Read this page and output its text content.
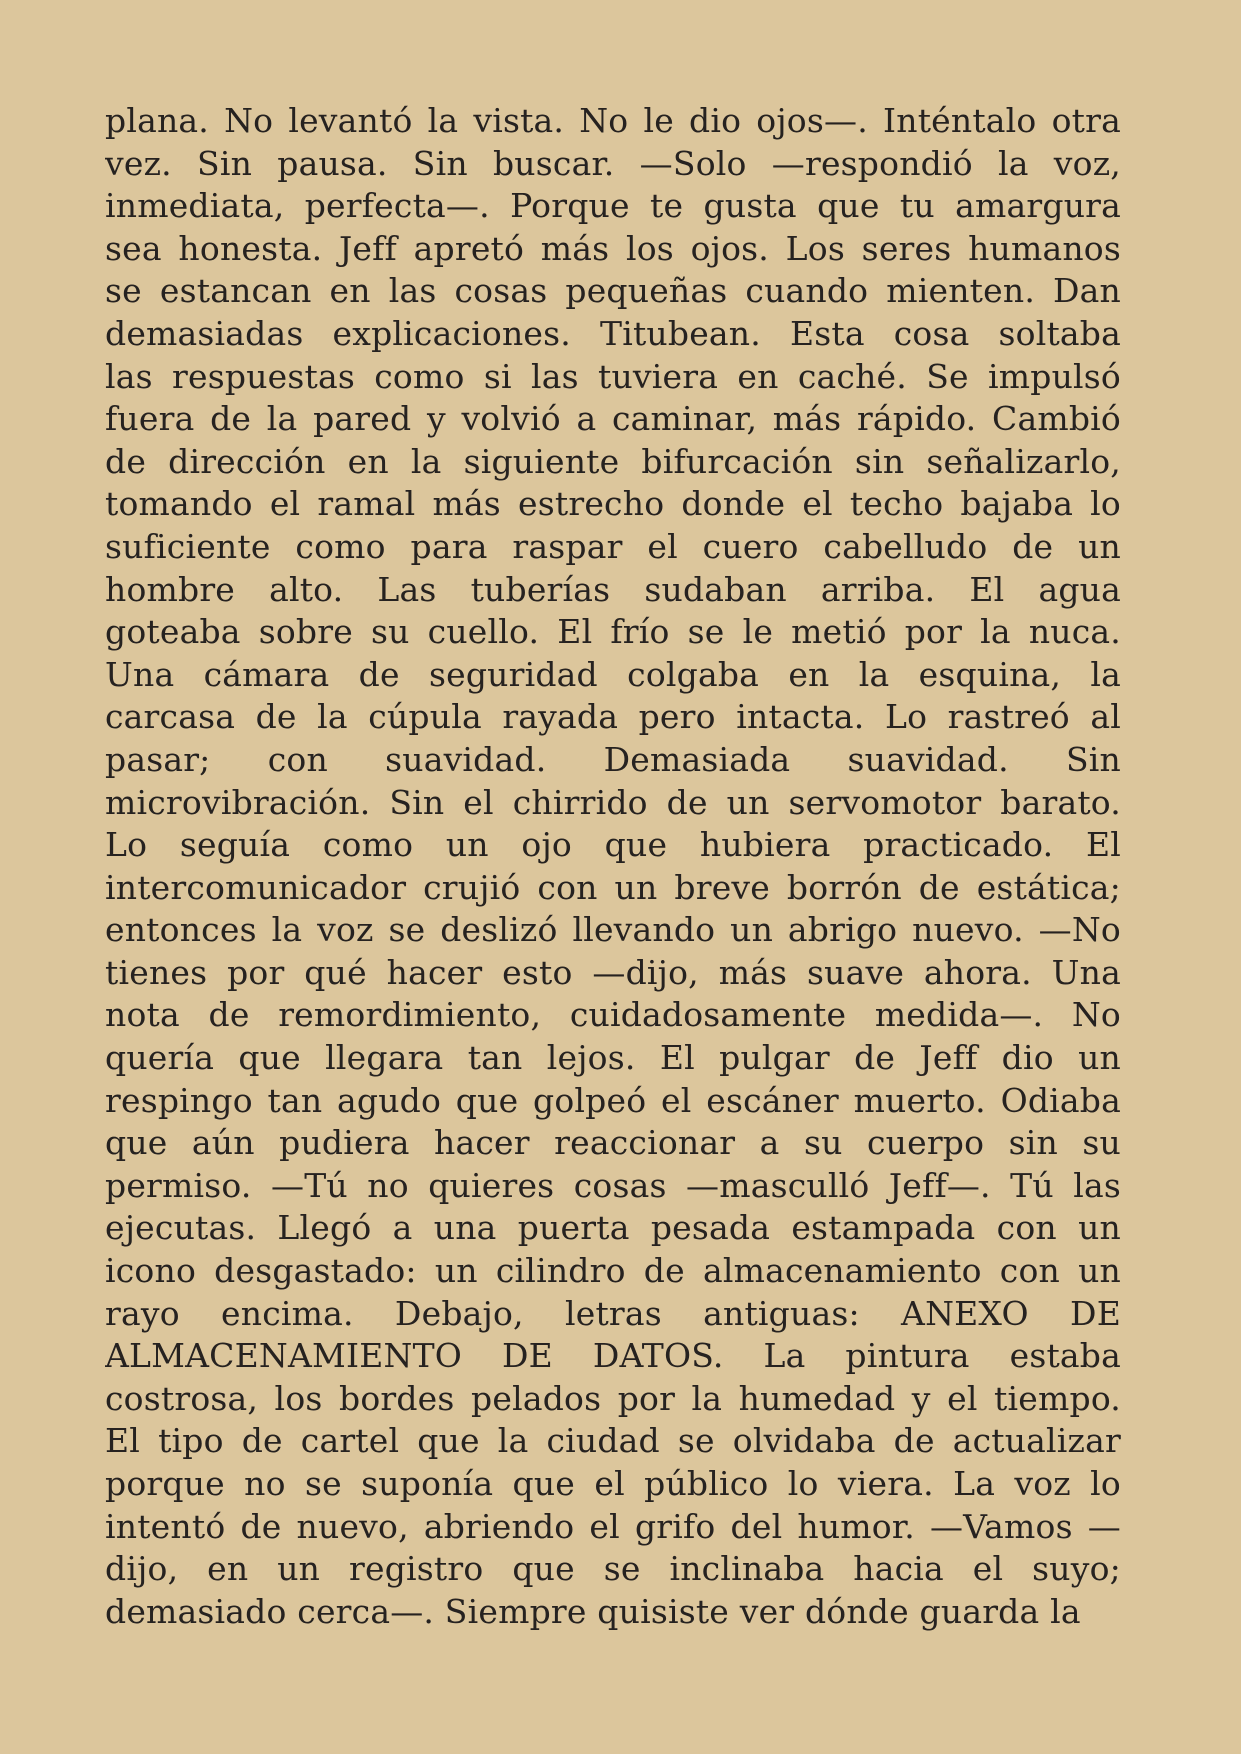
plana. No levantó la vista. No le dio ojos—. Inténtalo otra
vez. Sin pausa. Sin buscar. —Solo —respondió la voz,
inmediata, perfecta—. Porque te gusta que tu amargura
sea honesta. Jeff apretó más los ojos. Los seres humanos
se estancan en las cosas pequeñas cuando mienten. Dan
demasiadas explicaciones. Titubean. Esta cosa soltaba
las respuestas como si las tuviera en caché. Se impulsó
fuera de la pared y volvió a caminar, más rápido. Cambió
de dirección en la siguiente bifurcación sin señalizarlo,
tomando el ramal más estrecho donde el techo bajaba lo
suficiente como para raspar el cuero cabelludo de un
hombre alto. Las tuberías sudaban arriba. El agua
goteaba sobre su cuello. El frío se le metió por la nuca.
Una cámara de seguridad colgaba en la esquina, la
carcasa de la cúpula rayada pero intacta. Lo rastreó al
pasar; con suavidad. Demasiada suavidad. Sin
microvibración. Sin el chirrido de un servomotor barato.
Lo seguía como un ojo que hubiera practicado. El
intercomunicador crujió con un breve borrón de estática;
entonces la voz se deslizó llevando un abrigo nuevo. —No
tienes por qué hacer esto —dijo, más suave ahora. Una
nota de remordimiento, cuidadosamente medida—. No
quería que llegara tan lejos. El pulgar de Jeff dio un
respingo tan agudo que golpeó el escáner muerto. Odiaba
que aún pudiera hacer reaccionar a su cuerpo sin su
permiso. —Tú no quieres cosas —masculló Jeff—. Tú las
ejecutas. Llegó a una puerta pesada estampada con un
icono desgastado: un cilindro de almacenamiento con un
rayo encima. Debajo, letras antiguas: ANEXO DE
ALMACENAMIENTO DE DATOS. La pintura estaba
costrosa, los bordes pelados por la humedad y el tiempo.
El tipo de cartel que la ciudad se olvidaba de actualizar
porque no se suponía que el público lo viera. La voz lo
intentó de nuevo, abriendo el grifo del humor. —Vamos —
dijo, en un registro que se inclinaba hacia el suyo;
demasiado cerca—. Siempre quisiste ver dónde guarda la
